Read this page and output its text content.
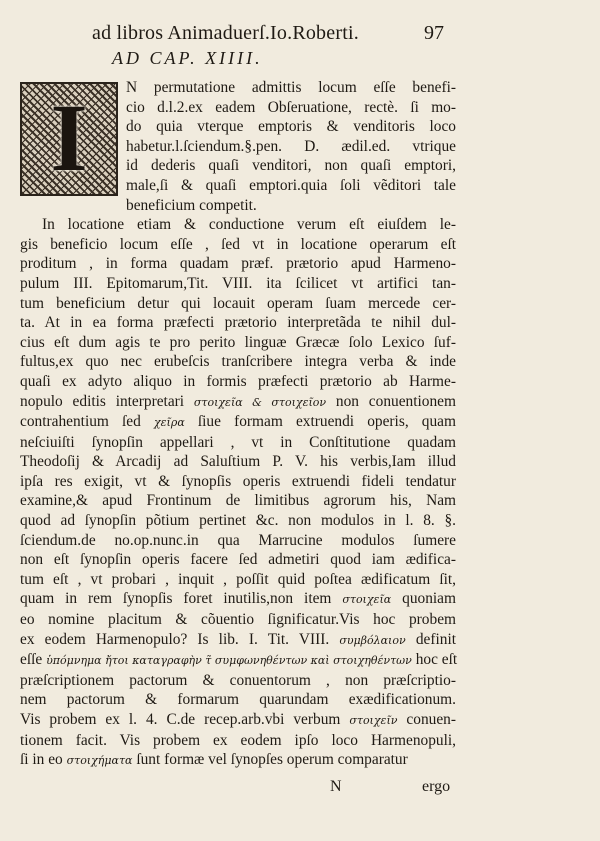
ad libros Animaduerſ.Io.Roberti.	97
AD CAP. XIIII.
I	N permutatione admittis locum eſſe benefi-
cio d.l.2.ex eadem Obſeruatione, rectè. ſi mo-
do quia vterque emptoris & venditoris loco
habetur.l.ſciendum.§.pen. D. ædil.ed. vtrique
id dederis quaſi venditori, non quaſi emptori,
male,ſi & quaſi emptori.quia ſoli vẽditori tale
beneficium competit.
In locatione etiam & conductione verum eſt eiuſdem le-
gis beneficio locum eſſe , ſed vt in locatione operarum eſt
proditum , in forma quadam præf. prætorio apud Harmeno-
pulum III. Epitomarum,Tit. VIII. ita ſcilicet vt artifici tan-
tum beneficium detur qui locauit operam ſuam mercede cer-
ta. At in ea forma præfecti prætorio interpretãda te nihil dul-
cius eſt dum agis te pro perito linguæ Græcæ ſolo Lexico ſuf-
fultus,ex quo nec erubeſcis tranſcribere integra verba & inde
quaſi ex adyto aliquo in formis præfecti prætorio ab Harme-
nopulo editis interpretari στοιχεῖα & στοιχεῖον non conuentionem
contrahentium ſed χεῖρα ſiue formam extruendi operis, quam
neſciuiſti ſynopſin appellari , vt in Conſtitutione quadam
Theodoſij & Arcadij ad Saluſtium P. V. his verbis,Iam illud
ipſa res exigit, vt & ſynopſis operis extruendi fideli tendatur
examine,& apud Frontinum de limitibus agrorum his, Nam
quod ad ſynopſin põtium pertinet &c. non modulos in l. 8. §.
ſciendum.de no.op.nunc.in qua Marrucine modulos ſumere
non eſt ſynopſin operis facere ſed admetiri quod iam ædifica-
tum eſt , vt probari , inquit , poſſit quid poſtea ædificatum ſit,
quam in rem ſynopſis foret inutilis,non item στοιχεῖα quoniam
eo nomine placitum & cõuentio ſignificatur.Vis hoc probem
ex eodem Harmenopulo? Is lib. I. Tit. VIII. συμβόλαιον definit
eſſe ὑπόμνημα ἤτοι καταγραφὴν τ̃ συμφωνηθέντων καὶ στοιχηθέντων hoc eſt
præſcriptionem pactorum & conuentorum , non præſcriptio-
nem pactorum & formarum quarundam exædificationum.
Vis probem ex l. 4. C.de recep.arb.vbi verbum στοιχεῖν conuen-
tionem facit. Vis probem ex eodem ipſo loco Harmenopuli,
ſi in eo στοιχήματα ſunt formæ vel ſynopſes operum comparatur
N	ergo
